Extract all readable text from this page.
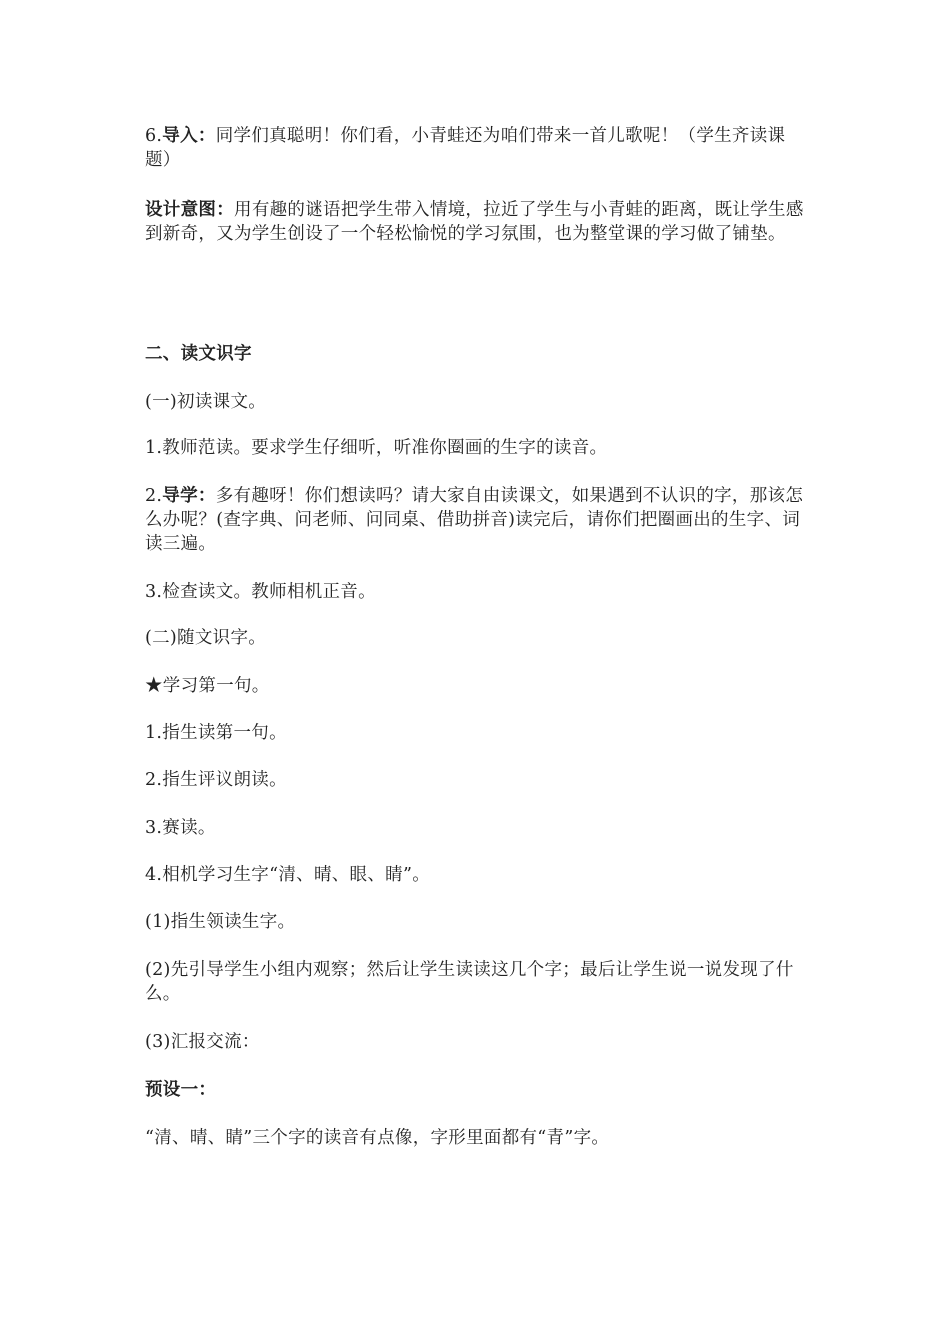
6.导入：同学们真聪明！你们看，小青蛙还为咱们带来一首儿歌呢！（学生齐读课题）

设计意图：用有趣的谜语把学生带入情境，拉近了学生与小青蛙的距离，既让学生感到新奇，又为学生创设了一个轻松愉悦的学习氛围，也为整堂课的学习做了铺垫。

二、读文识字

(一)初读课文。

1.教师范读。要求学生仔细听，听准你圈画的生字的读音。

2.导学：多有趣呀！你们想读吗？请大家自由读课文，如果遇到不认识的字，那该怎么办呢？(查字典、问老师、问同桌、借助拼音)读完后，请你们把圈画出的生字、词读三遍。

3.检查读文。教师相机正音。

(二)随文识字。

★学习第一句。

1.指生读第一句。

2.指生评议朗读。

3.赛读。

4.相机学习生字“清、晴、眼、睛”。

(1)指生领读生字。

(2)先引导学生小组内观察；然后让学生读读这几个字；最后让学生说一说发现了什么。

(3)汇报交流：

预设一：

“清、晴、睛”三个字的读音有点像，字形里面都有“青”字。
